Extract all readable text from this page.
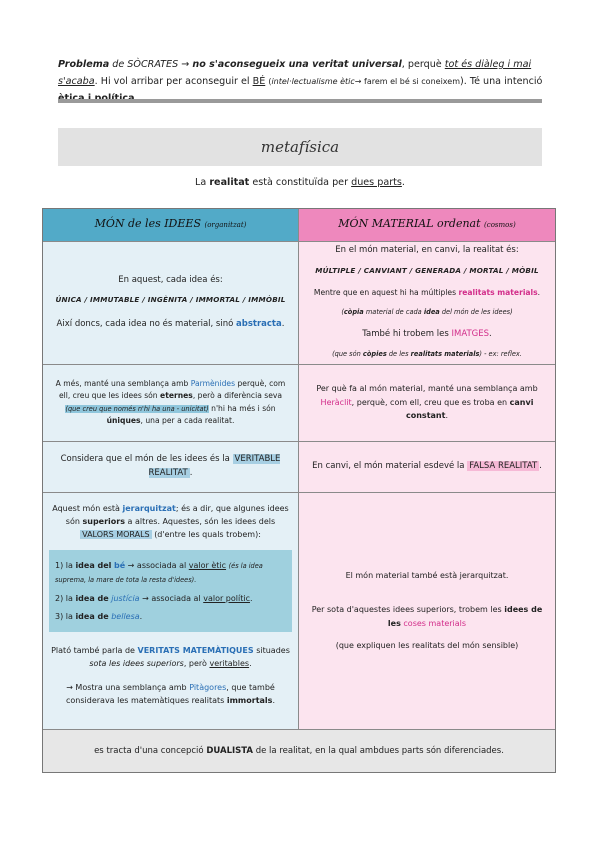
Problema de SÒCRATES → no s'aconsegueix una veritat universal, perquè tot és diàleg i mai s'acaba. Hi vol arribar per aconseguir el BÉ (intel·lectualisme ètic→ farem el bé si coneixem). Té una intenció
metafísica
La realitat està constituïda per dues parts.
MÓN de les IDEES (organitzat)	MÓN MATERIAL ordenat (cosmos)

En aquest, cada idea és:

ÚNICA / IMMUTABLE / INGÈNITA / IMMORTAL / IMMÒBIL

Així doncs, cada idea no és material, sinó abstracta.

En el món material, en canvi, la realitat és:

MÚLTIPLE / CANVIANT / GENERADA / MORTAL / MÒBIL

Mentre que en aquest hi ha múltiples realitats materials.

(còpia material de cada idea del món de les idees)

També hi trobem les IMATGES.

(que són còpies de les realitats materials) - ex: reflex.

A més, manté una semblança amb Parmènides perquè, com ell, creu que les idees són eternes, però a diferència seva (que creu que només n'hi ha una - unicitat) n'hi ha més i són úniques, una per a cada realitat.

Per què fa al món material, manté una semblança amb Heràclit, perquè, com ell, creu que es troba en canvi constant.

Considera que el món de les idees és la VERITABLE REALITAT .

En canvi, el món material esdevé la FALSA REALITAT .

Aquest món està jerarquitzat; és a dir, que algunes idees són superiors a altres. Aquestes, són les idees dels VALORS MORALS (d'entre les quals trobem):

1) la idea del bé → associada al valor ètic (és la idea suprema, la mare de tota la resta d'idees).

2) la idea de justícia → associada al valor polític.

3) la idea de bellesa.

Plató també parla de VERITATS MATEMÀTIQUES situades sota les idees superiors, però veritables.

→ Mostra una semblança amb Pitàgores, que també considerava les matemàtiques realitats immortals.

El món material també està jerarquitzat.

Per sota d'aquestes idees superiors, trobem les idees de les coses materials

(que expliquen les realitats del món sensible)

es tracta d'una concepció DUALISTA de la realitat, en la qual ambdues parts són diferenciades.
